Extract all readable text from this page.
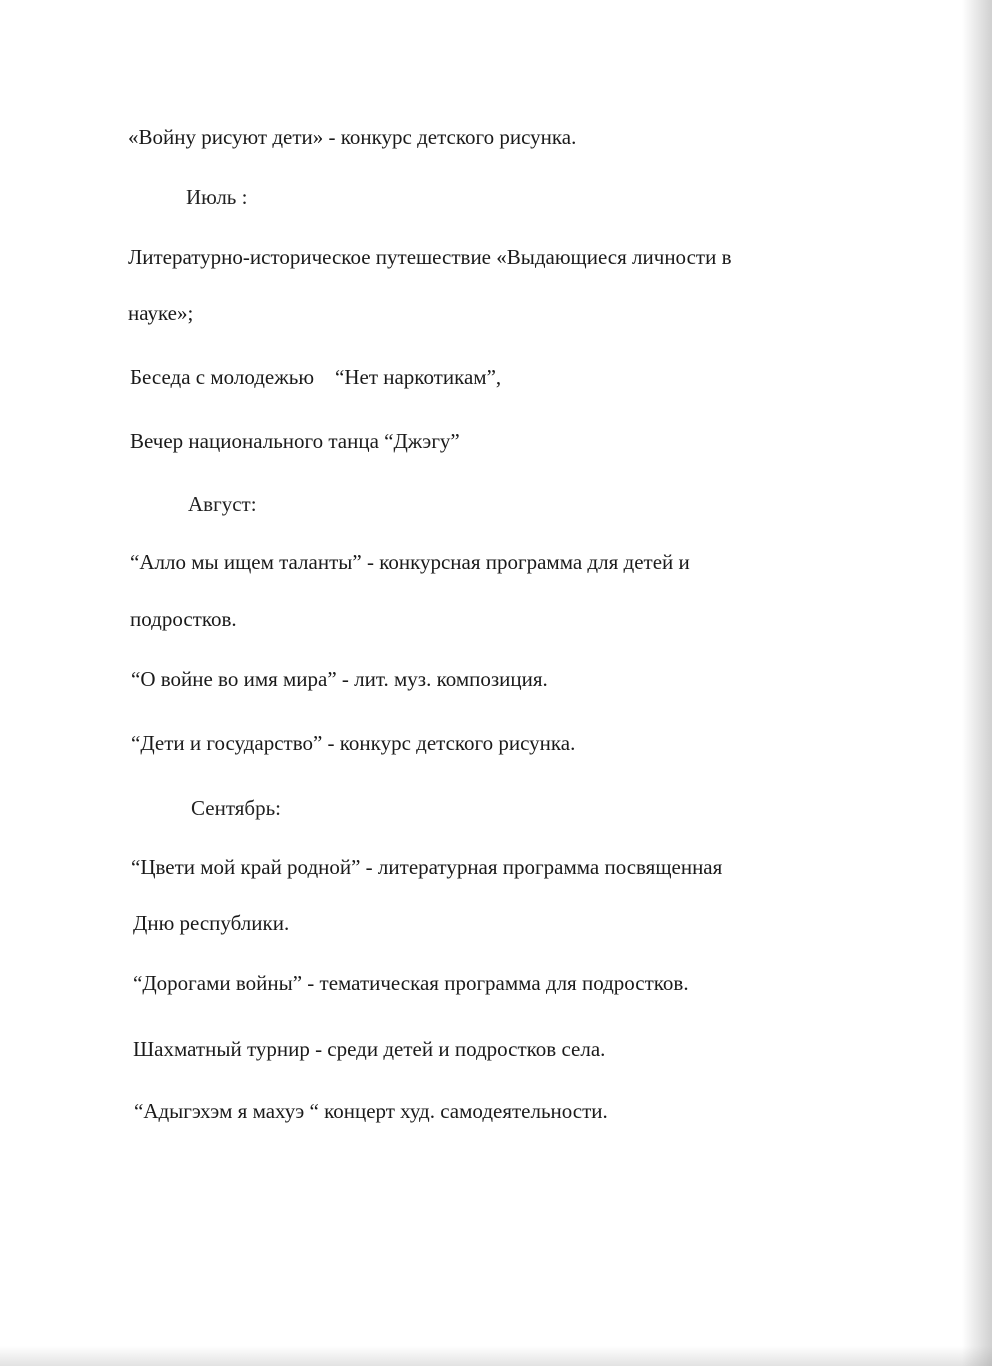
«Войну рисуют дети» - конкурс детского рисунка.

Июль :

Литературно-историческое путешествие «Выдающиеся личности в

науке»;

Беседа с молодежью    “Нет наркотикам”,

Вечер национального танца “Джэгу”

Август:

“Алло мы ищем таланты” - конкурсная программа для детей и

подростков.

“О войне во имя мира” - лит. муз. композиция.

“Дети и государство” - конкурс детского рисунка.

Сентябрь:

“Цвети мой край родной” - литературная программа посвященная

Дню республики.

“Дорогами войны” - тематическая программа для подростков.

Шахматный турнир - среди детей и подростков села.

“Адыгэхэм я махуэ “ концерт худ. самодеятельности.
